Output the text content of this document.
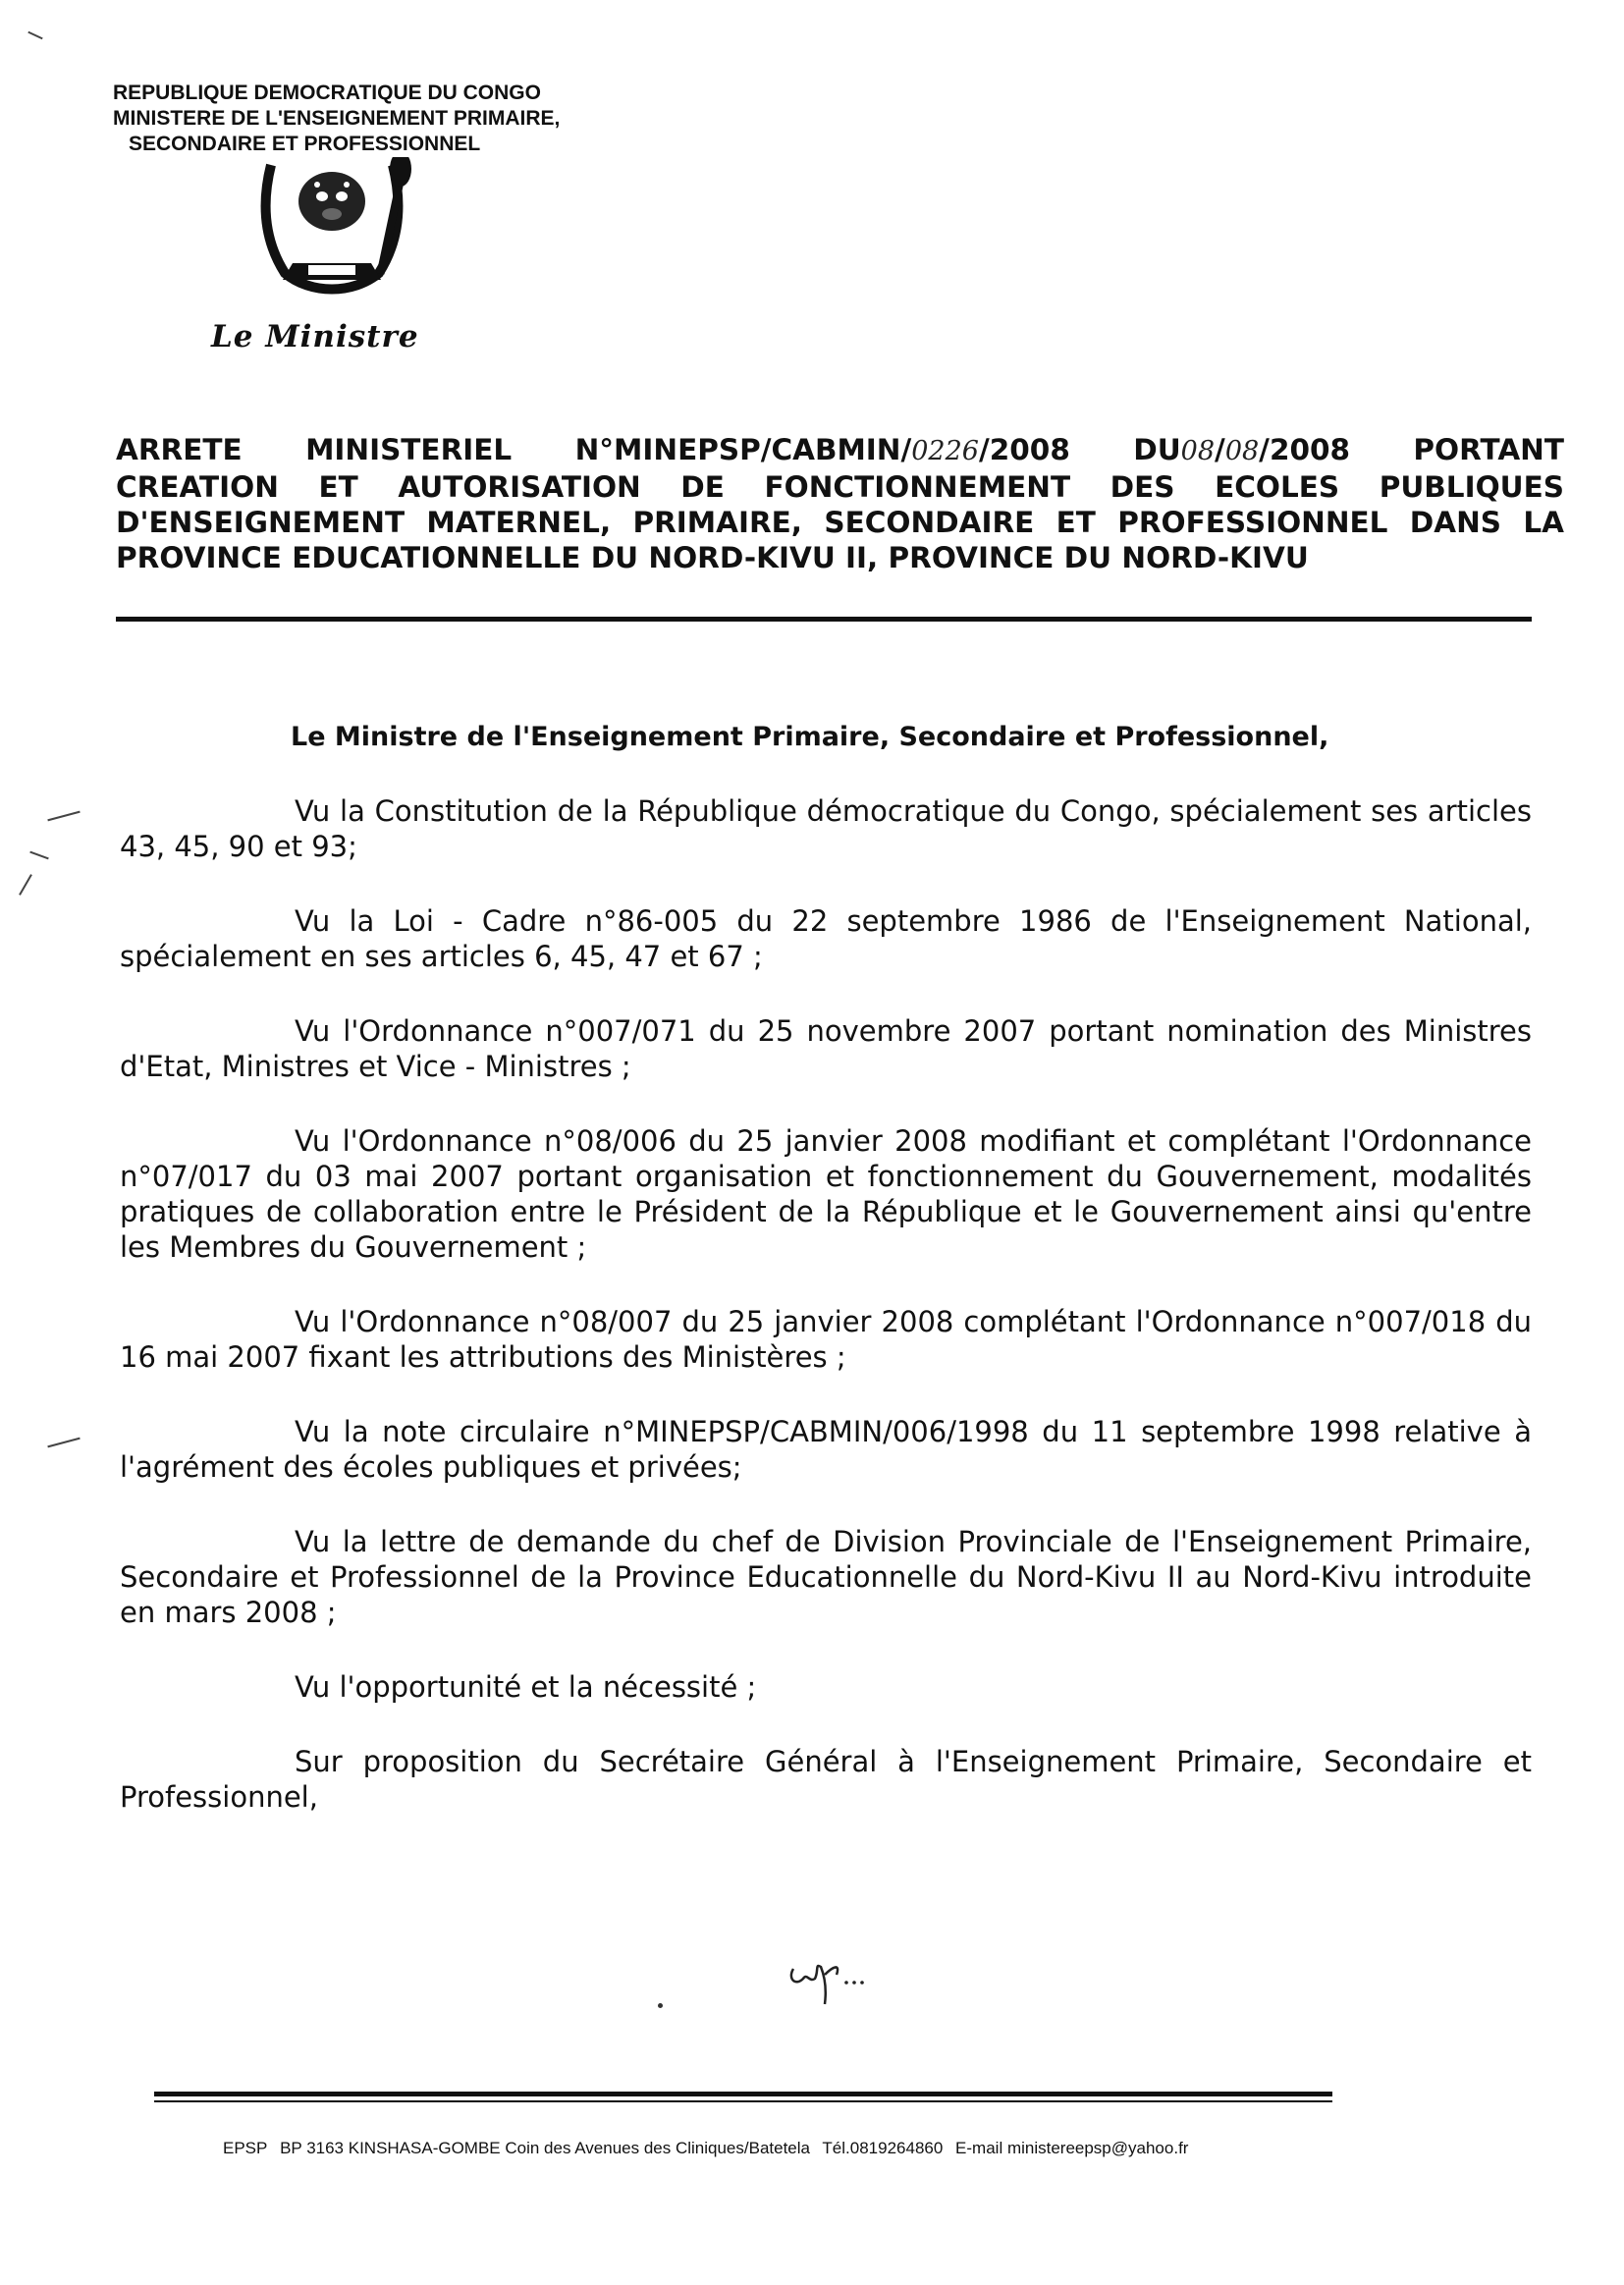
REPUBLIQUE DEMOCRATIQUE DU CONGO
MINISTERE DE L'ENSEIGNEMENT PRIMAIRE,
SECONDAIRE ET PROFESSIONNEL
Le Ministre
ARRETE MINISTERIEL N°MINEPSP/CABMIN/0226/2008 DU08/08/2008 PORTANT
CREATION ET AUTORISATION DE FONCTIONNEMENT DES ECOLES PUBLIQUES
D'ENSEIGNEMENT MATERNEL, PRIMAIRE, SECONDAIRE ET PROFESSIONNEL DANS LA
PROVINCE EDUCATIONNELLE DU NORD-KIVU II, PROVINCE DU NORD-KIVU
Le Ministre de l'Enseignement Primaire, Secondaire et Professionnel,

Vu la Constitution de la République démocratique du Congo, spécialement ses articles 43, 45, 90 et 93;

Vu la Loi - Cadre n°86-005 du 22 septembre 1986 de l'Enseignement National, spécialement en ses articles 6, 45, 47 et 67 ;

Vu l'Ordonnance n°007/071 du 25 novembre 2007 portant nomination des Ministres d'Etat, Ministres et Vice - Ministres ;

Vu l'Ordonnance n°08/006 du 25 janvier 2008 modifiant et complétant l'Ordonnance n°07/017 du 03 mai 2007 portant organisation et fonctionnement du Gouvernement, modalités pratiques de collaboration entre le Président de la République et le Gouvernement ainsi qu'entre les Membres du Gouvernement ;

Vu l'Ordonnance n°08/007 du 25 janvier 2008 complétant l'Ordonnance n°007/018 du 16 mai 2007 fixant les attributions des Ministères ;

Vu la note circulaire n°MINEPSP/CABMIN/006/1998 du 11 septembre 1998 relative à l'agrément des écoles publiques et privées;

Vu la lettre de demande du chef de Division Provinciale de l'Enseignement Primaire, Secondaire et Professionnel de la Province Educationnelle du Nord-Kivu II au Nord-Kivu introduite en mars 2008 ;

Vu l'opportunité et la nécessité ;

Sur proposition du Secrétaire Général à l'Enseignement Primaire, Secondaire et Professionnel,

EPSP BP 3163 KINSHASA-GOMBE Coin des Avenues des Cliniques/Batetela Tél.0819264860 E-mail ministereepsp@yahoo.fr
